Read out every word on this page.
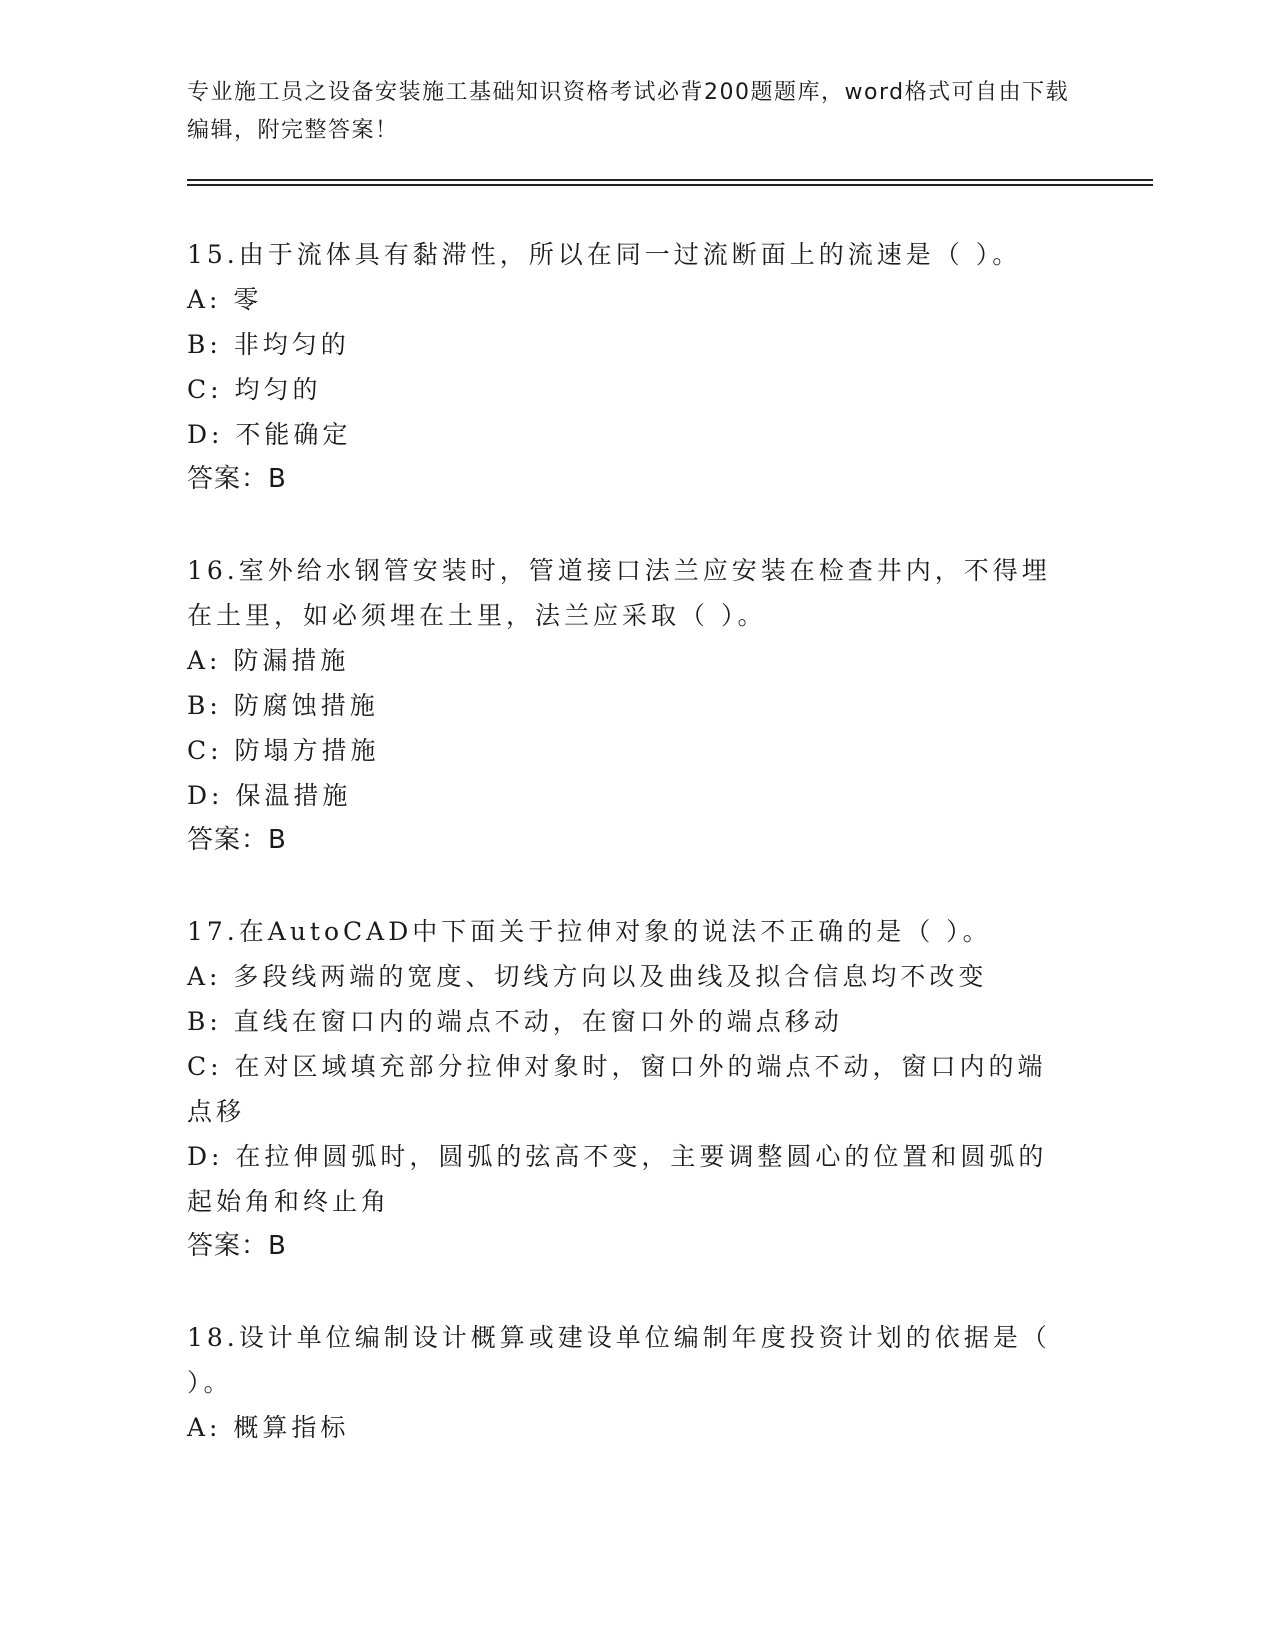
专业施工员之设备安装施工基础知识资格考试必背200题题库，word格式可自由下载编辑，附完整答案！

15.由于流体具有黏滞性，所以在同一过流断面上的流速是（ ）。

A: 零

B: 非均匀的

C: 均匀的

D: 不能确定

答案：B

16.室外给水钢管安装时，管道接口法兰应安装在检查井内，不得埋在土里，如必须埋在土里，法兰应采取（ ）。

A: 防漏措施

B: 防腐蚀措施

C: 防塌方措施

D: 保温措施

答案：B

17.在AutoCAD中下面关于拉伸对象的说法不正确的是（ ）。

A: 多段线两端的宽度、切线方向以及曲线及拟合信息均不改变

B: 直线在窗口内的端点不动，在窗口外的端点移动

C: 在对区域填充部分拉伸对象时，窗口外的端点不动，窗口内的端点移

D: 在拉伸圆弧时，圆弧的弦高不变，主要调整圆心的位置和圆弧的起始角和终止角

答案：B

18.设计单位编制设计概算或建设单位编制年度投资计划的依据是（ ）。

A: 概算指标
